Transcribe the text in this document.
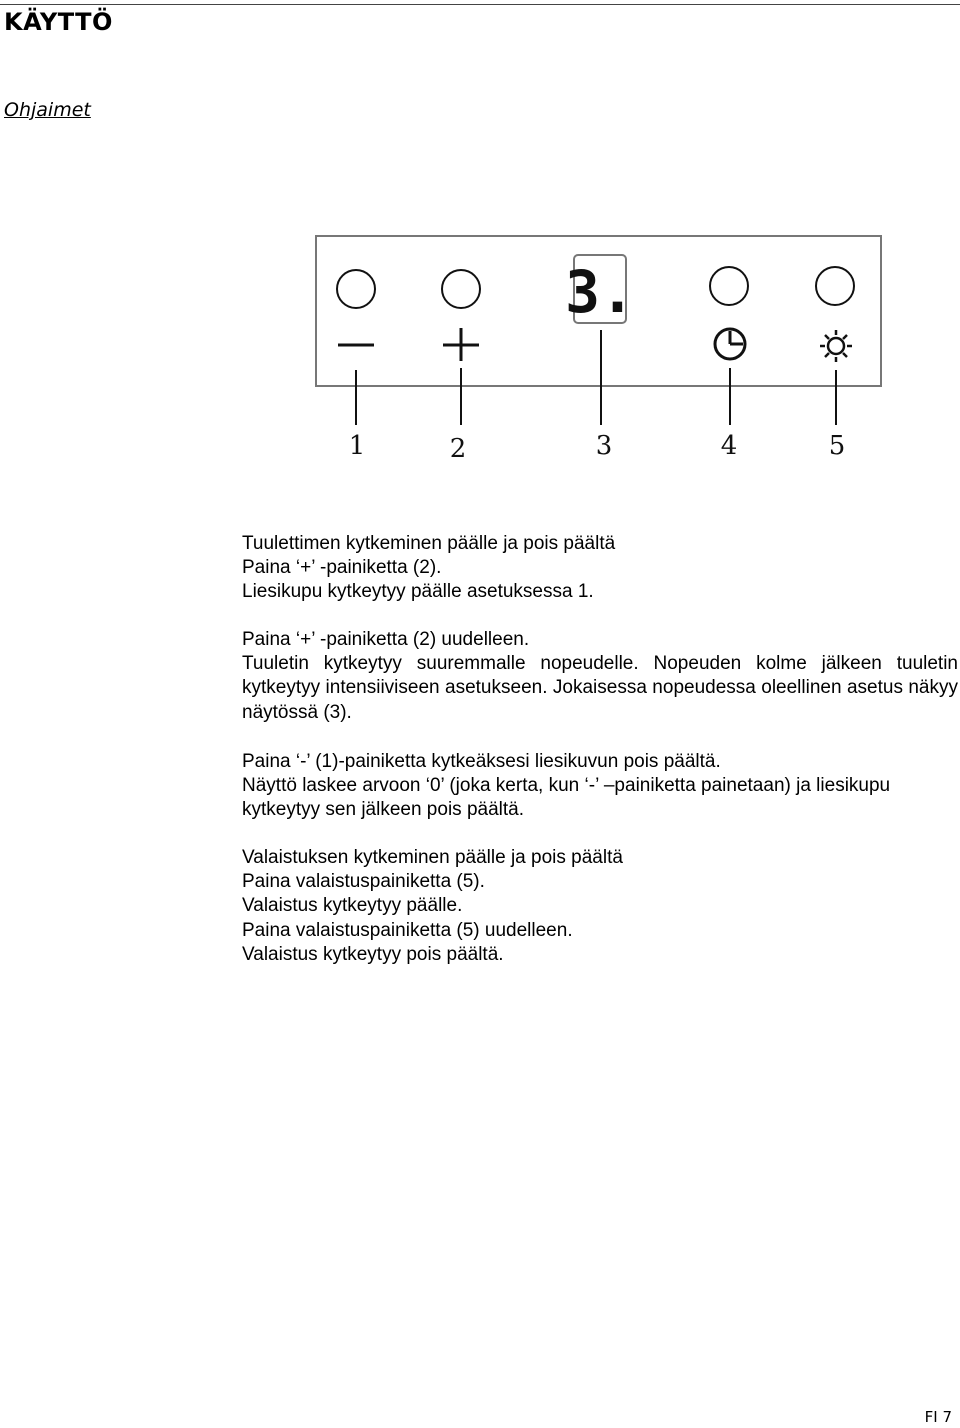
KÄYTTÖ
Ohjaimet
3.
1	2	3	4	5

Tuulettimen kytkeminen päälle ja pois päältä

Paina ‘+’ -painiketta (2).

Liesikupu kytkeytyy päälle asetuksessa 1.

Paina ‘+’ -painiketta (2) uudelleen.

Tuuletin kytkeytyy suuremmalle nopeudelle. Nopeuden kolme jälkeen tuuletin kytkeytyy intensiiviseen asetukseen. Jokaisessa nopeudessa oleellinen asetus näkyy näytössä (3).

Paina ‘-’ (1)-painiketta kytkeäksesi liesikuvun pois päältä.

Näyttö laskee arvoon ‘0’ (joka kerta, kun ‘-’ –painiketta painetaan) ja liesikupu kytkeytyy sen jälkeen pois päältä.

Valaistuksen kytkeminen päälle ja pois päältä

Paina valaistuspainiketta (5).

Valaistus kytkeytyy päälle.

Paina valaistuspainiketta (5) uudelleen.

Valaistus kytkeytyy pois päältä.

FI 7
